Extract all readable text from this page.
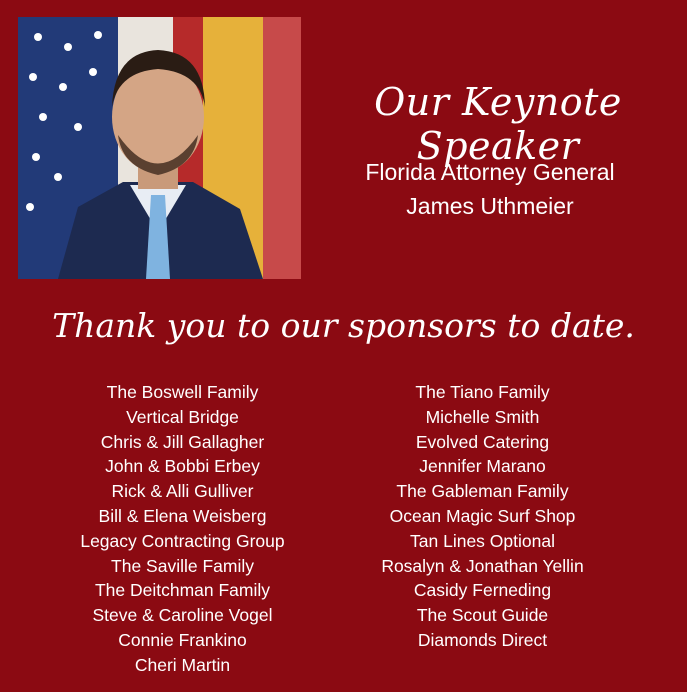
Our Keynote Speaker
Florida Attorney General
James Uthmeier
Thank you to our sponsors to date.
The Boswell Family
Vertical Bridge
Chris & Jill Gallagher
John & Bobbi Erbey
Rick & Alli Gulliver
Bill & Elena Weisberg
Legacy Contracting Group
The Saville Family
The Deitchman Family
Steve & Caroline Vogel
Connie Frankino
Cheri Martin
The Tiano Family
Michelle Smith
Evolved Catering
Jennifer Marano
The Gableman Family
Ocean Magic Surf Shop
Tan Lines Optional
Rosalyn & Jonathan Yellin
Casidy Ferneding
The Scout Guide
Diamonds Direct
